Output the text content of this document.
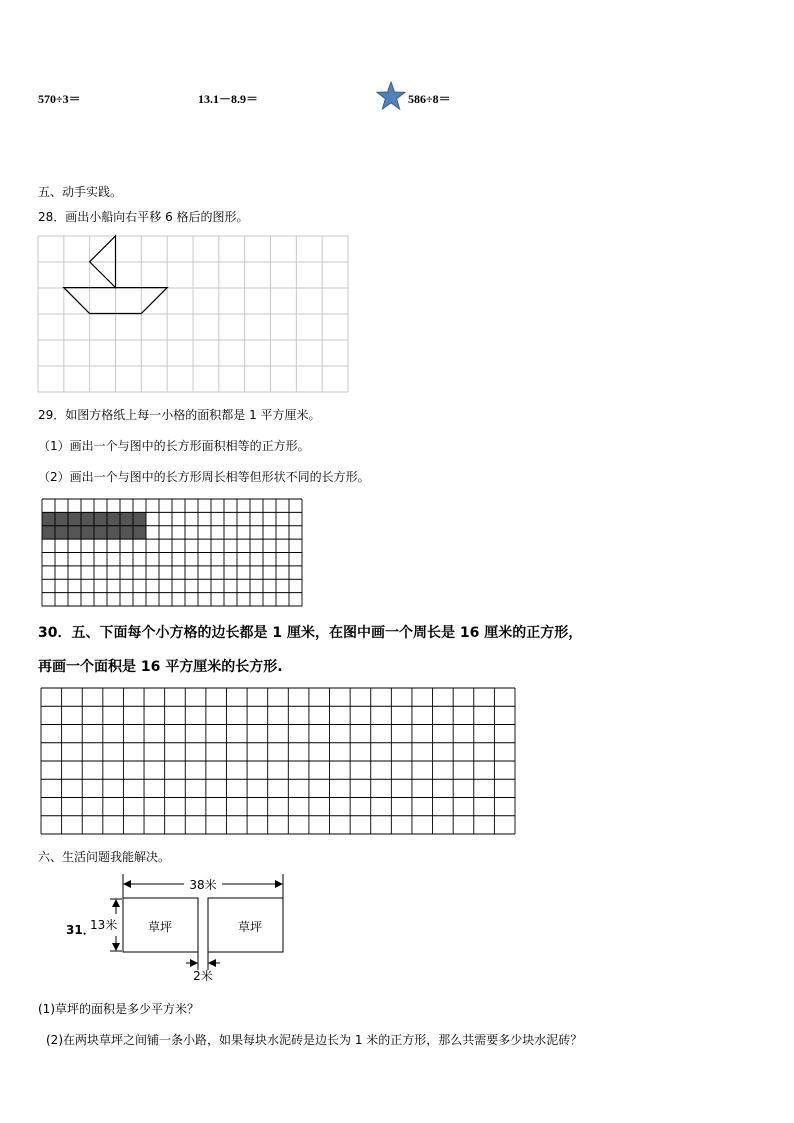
570÷3＝	13.1－8.9＝	586÷8＝
五、动手实践。
28．画出小船向右平移 6 格后的图形。
29．如图方格纸上每一小格的面积都是 1 平方厘米。
（1）画出一个与图中的长方形面积相等的正方形。
（2）画出一个与图中的长方形周长相等但形状不同的长方形。
30．五、下面每个小方格的边长都是 1 厘米，在图中画一个周长是 16 厘米的正方形，
再画一个面积是 16 平方厘米的长方形.
六、生活问题我能解决。
31．
38米
草坪	草坪
13米
2米
(1)草坪的面积是多少平方米？
(2)在两块草坪之间铺一条小路，如果每块水泥砖是边长为 1 米的正方形，那么共需要多少块水泥砖？
